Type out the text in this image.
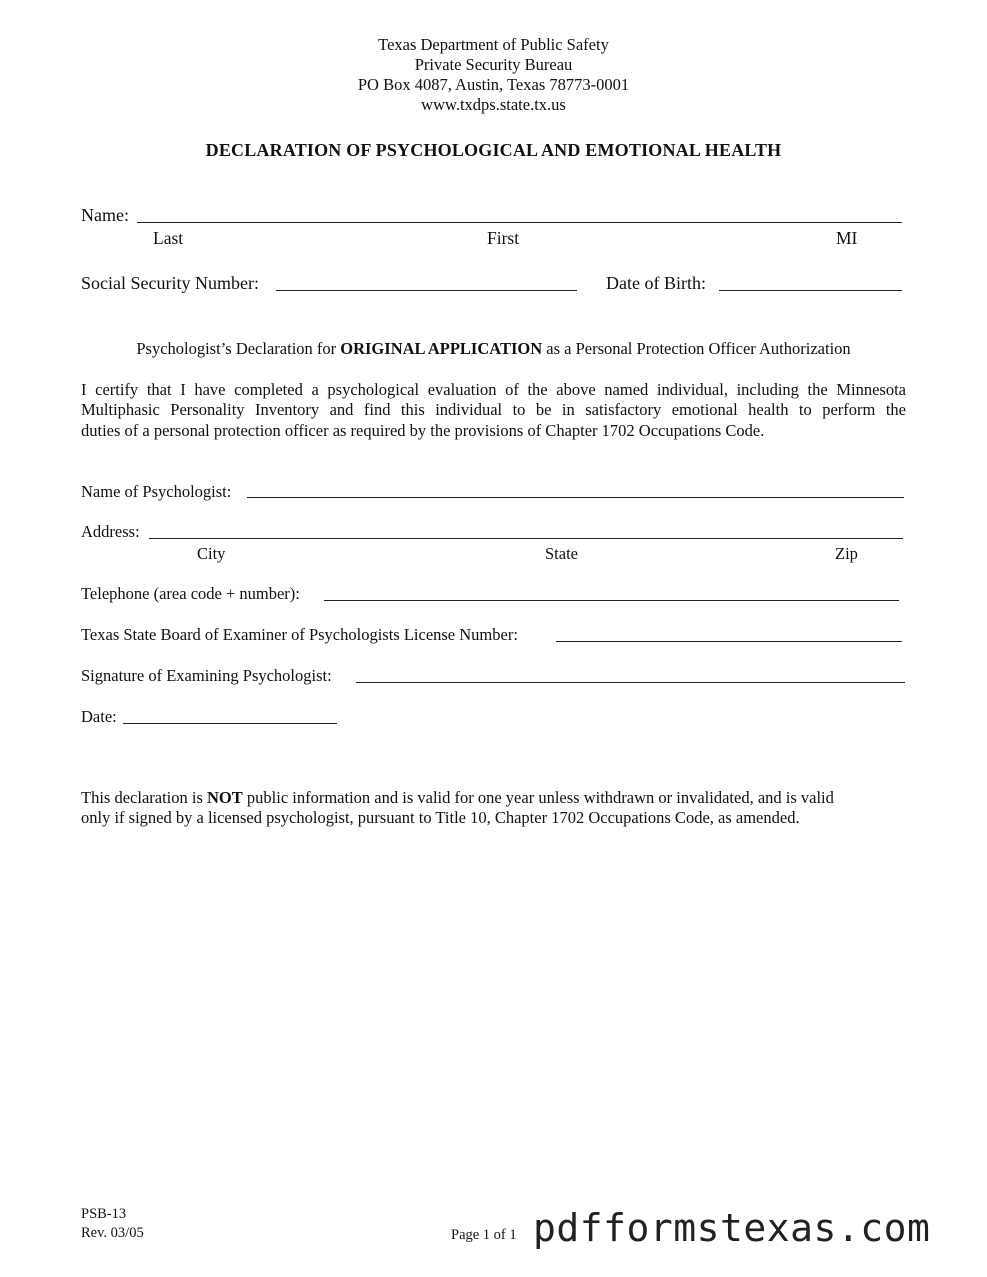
Texas Department of Public Safety
Private Security Bureau
PO Box 4087, Austin, Texas 78773-0001
www.txdps.state.tx.us
DECLARATION OF PSYCHOLOGICAL AND EMOTIONAL HEALTH
Name:
Last	First	MI
Social Security Number:	Date of Birth:
Psychologist’s Declaration for ORIGINAL APPLICATION as a Personal Protection Officer Authorization
I certify that I have completed a psychological evaluation of the above named individual, including the Minnesota
Multiphasic Personality Inventory and find this individual to be in satisfactory emotional health to perform the
duties of a personal protection officer as required by the provisions of Chapter 1702 Occupations Code.
Name of Psychologist:
Address:
City	State	Zip
Telephone (area code + number):
Texas State Board of Examiner of Psychologists License Number:
Signature of Examining Psychologist:
Date:
This declaration is NOT public information and is valid for one year unless withdrawn or invalidated, and is valid
only if signed by a licensed psychologist, pursuant to Title 10, Chapter 1702 Occupations Code, as amended.
PSB-13
Rev. 03/05	Page 1 of 1 pdfformstexas.com
